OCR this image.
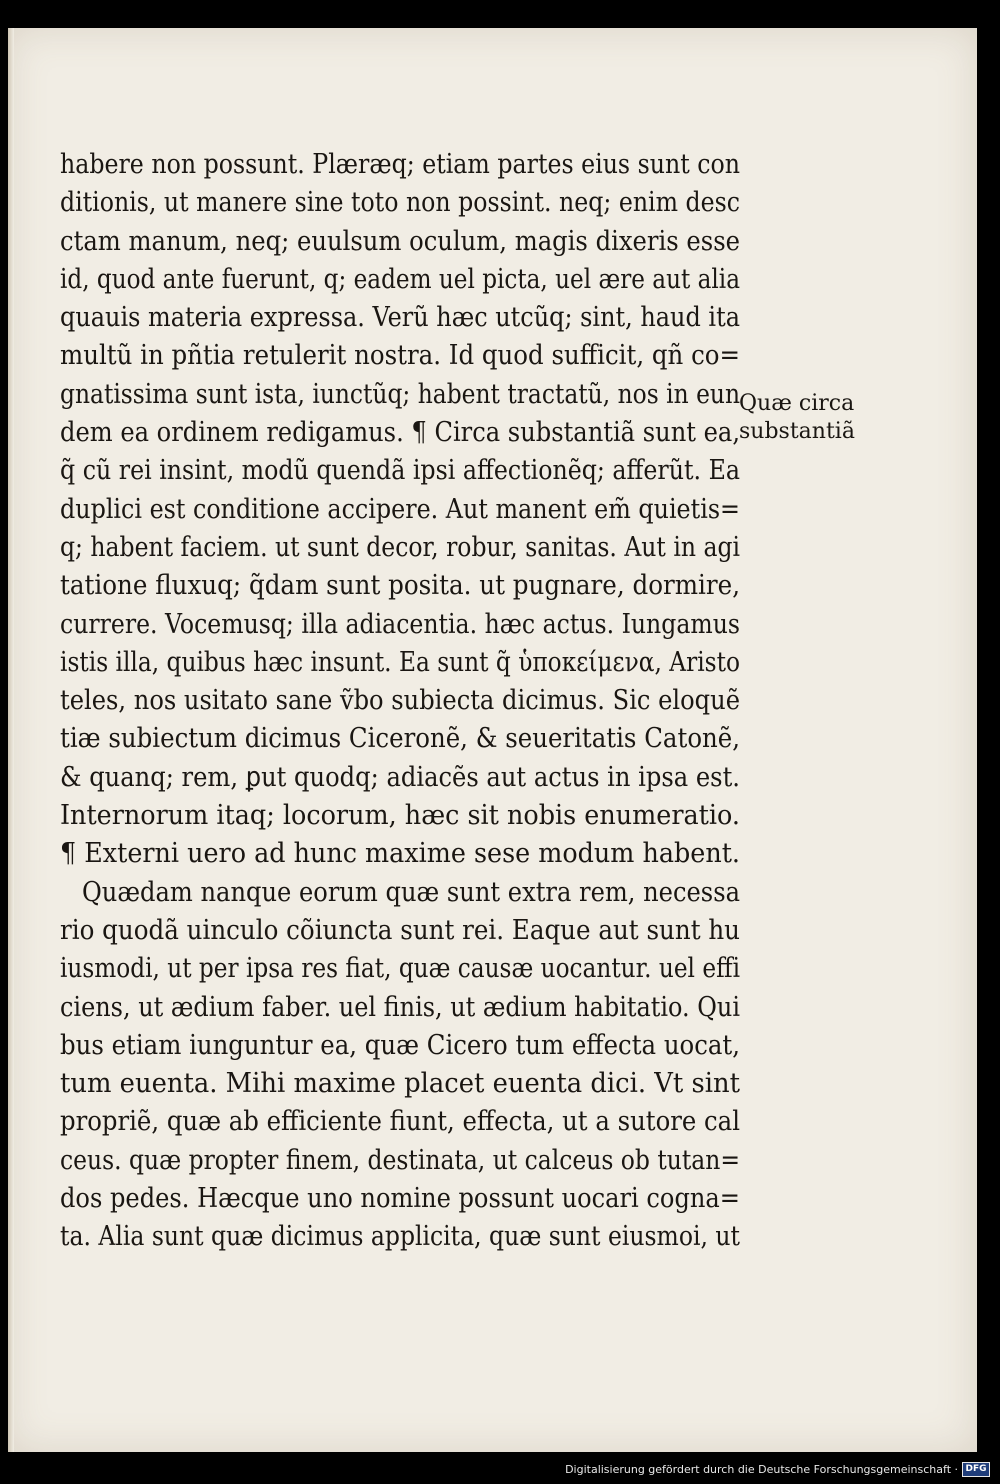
habere non possunt. Plæræq; etiam partes eius sunt con
ditionis, ut manere sine toto non possint. neq; enim desc
ctam manum, neq; euulsum oculum, magis dixeris esse
id, quod ante fuerunt, q; eadem uel picta, uel ære aut alia
quauis materia expressa. Verũ hæc utcũq; sint, haud ita
multũ in pñtia retulerit nostra. Id quod sufficit, qñ co=
gnatissima sunt ista, iunctũq; habent tractatũ, nos in eun
dem ea ordinem redigamus. ¶ Circa substantiã sunt ea,
q̃ cũ rei insint, modũ quendã ipsi affectionẽq; afferũt. Ea
duplici est conditione accipere. Aut manent em̃ quietis=
q; habent faciem. ut sunt decor, robur, sanitas. Aut in agi
tatione fluxuq; q̃dam sunt posita. ut pugnare, dormire,
currere. Vocemusq; illa adiacentia. hæc actus. Iungamus
istis illa, quibus hæc insunt. Ea sunt q̃ ὑποκείμενα, Aristo
teles, nos usitato sane ṽbo subiecta dicimus. Sic eloquẽ
tiæ subiectum dicimus Ciceronẽ, & seueritatis Catonẽ,
& quanq; rem, ꝑut quodq; adiacẽs aut actus in ipsa est.
Internorum itaq; locorum, hæc sit nobis enumeratio.
¶ Externi uero ad hunc maxime sese modum habent.
Quædam nanque eorum quæ sunt extra rem, necessa
rio quodã uinculo cõiuncta sunt rei. Eaque aut sunt hu
iusmodi, ut per ipsa res fiat, quæ causæ uocantur. uel effi
ciens, ut ædium faber. uel finis, ut ædium habitatio. Qui
bus etiam iunguntur ea, quæ Cicero tum effecta uocat,
tum euenta. Mihi maxime placet euenta dici. Vt sint
propriẽ, quæ ab efficiente fiunt, effecta, ut a sutore cal
ceus. quæ propter finem, destinata, ut calceus ob tutan=
dos pedes. Hæcque uno nomine possunt uocari cogna=
ta. Alia sunt quæ dicimus applicita, quæ sunt eiusmoi, ut
Quæ circa
substantiã
Digitalisierung gefördert durch die Deutsche Forschungsgemeinschaft · DFG
